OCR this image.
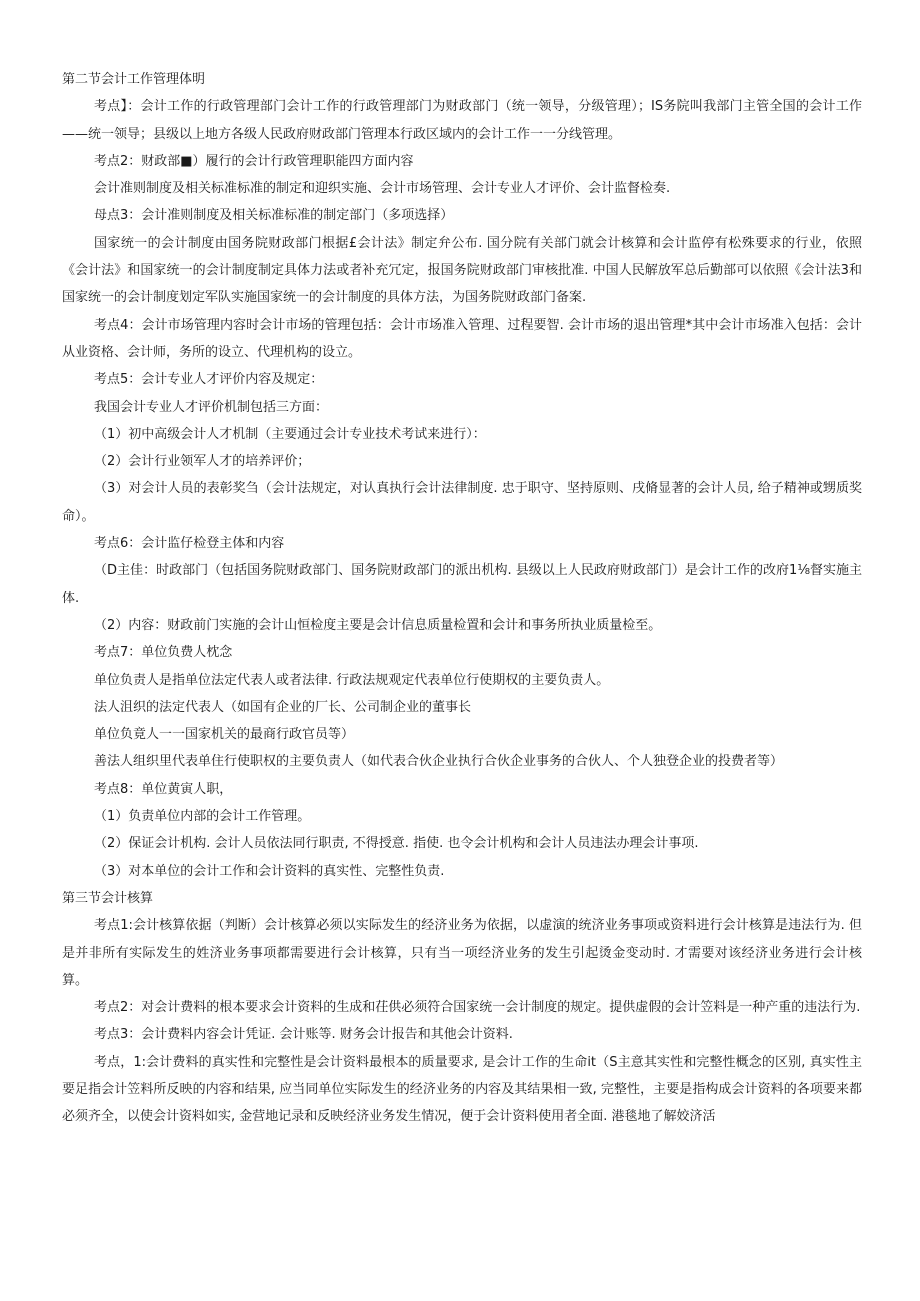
第二节会计工作管理体明

考点】：会计工作的行政管理部门会计工作的行政管理部门为财政部门（统一领导，分级管理）；IS务院叫我部门主管全国的会计工作——统一领导；县级以上地方各级人民政府财政部门管理本行政区域内的会计工作一一分线管理。

考点2：财政部■）履行的会计行政管理职能四方面内容

会计准则制度及相关标准标准的制定和迎织实施、会计市场管理、会计专业人才评价、会计监督检奏.

母点3：会计准则制度及相关标准标准的制定部门（多项选择）

国家统一的会计制度由国务院财政部门根据£会计法》制定弁公布. 国分院有关部门就会计核算和会计监停有松殊要求的行业，依照《会计法》和国家统一的会计制度制定具体力法或者补充冗定，报国务院财政部门审核批准. 中国人民解放军总后勤部可以依照《会计法3和国家统一的会计制度划定军队实施国家统一的会计制度的具体方法，为国务院财政部门备案.

考点4：会计市场管理内容时会计市场的管理包括：会计市场准入管理、过程要智. 会计市场的退出管理*其中会计市场准入包括：会计从业资格、会计师，务所的设立、代理机构的设立。

考点5：会计专业人才评价内容及规定：

我国会计专业人才评价机制包括三方面：

（1）初中高级会计人才机制（主要通过会计专业技术考试来进行）：

（2）会计行业领军人才的培养评价；

（3）对会计人员的表彰奖刍（会计法规定，对认真执行会计法律制度. 忠于职守、坚持原则、戌脩显著的会计人员, 给子精神或甥质奖命）。

考点6：会计监仔检登主体和内容

（D主佳：时政部门（包括国务院财政部门、国务院财政部门的派出机构. 县级以上人民政府财政部门）是会计工作的改府1⅛督实施主体.

（2）内容：财政前门实施的会计山恒检度主要是会计信息质量检置和会计和事务所执业质量检至。

考点7：单位负费人枕念

单位负责人是指单位法定代表人或者法律. 行政法规观定代表单位行使期权的主要负责人。

法人沮织的法定代表人（如国有企业的厂长、公司制企业的董事长

单位负竟人一一国家机关的最商行政官员等）

善法人组织里代表单住行使职权的主要负责人（如代表合伙企业执行合伙企业事务的合伙人、个人独登企业的投费者等）

考点8：单位黄寅人职，

（1）负责单位内部的会计工作管理。

（2）保证会计机构. 会计人员依法同行职责, 不得授意. 指使. 也令会计机构和会计人员违法办理会计事项.

（3）对本单位的会计工作和会计资料的真实性、完整性负责.

第三节会计核算

考点1:会计核算依据（判断）会计核算必须以实际发生的经济业务为依据，以虚演的统济业务事项或资料进行会计核算是违法行为. 但是并非所有实际发生的姓济业务事项都需要进行会计核算，只有当一项经济业务的发生引起烫金变动时. 才需要对该经济业务进行会计核算。

考点2：对会计费料的根本要求会计资料的生成和茌供必须符合国家统一会计制度的规定。提供虚假的会计笠料是一种产重的违法行为.

考点3：会计费料内容会计凭证. 会计账等. 财务会计报告和其他会计资料.

考点，1:会计费料的真实性和完整性是会计资料最根本的质量要求, 是会计工作的生命it（S主意其实性和完整性概念的区别, 真实性主要足指会计笠料所反映的内容和结果, 应当同单位实际发生的经济业务的内容及其结果相一致, 完整性，主要是指构成会计资料的各项要来都必须齐全，以使会计资料如实, 金营地记录和反映经济业务发生情况，便于会计资料使用者全面. 港毯地了解姣济活
